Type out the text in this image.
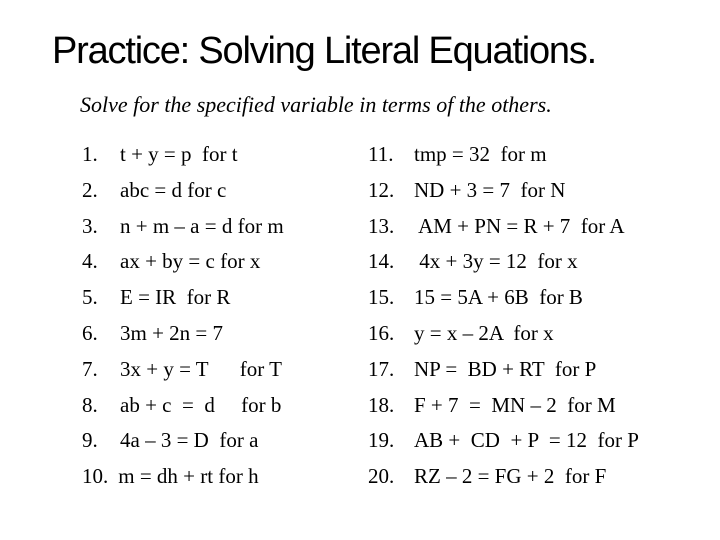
Practice: Solving Literal Equations.
Solve for the specified variable in terms of the others.
1. t + y = p  for t
2. abc = d for c
3. n + m – a = d for m
4. ax + by = c for x
5. E = IR  for R
6. 3m + 2n = 7
7. 3x + y = T      for T
8. ab + c  =  d     for b
9. 4a – 3 = D  for a
10. m = dh + rt for h
11. tmp = 32  for m
12. ND + 3 = 7  for N
13. AM + PN = R + 7  for A
14. 4x + 3y = 12  for x
15. 15 = 5A + 6B  for B
16. y = x – 2A  for x
17. NP =  BD + RT  for P
18. F + 7  =  MN – 2  for M
19. AB +  CD  + P  = 12  for P
20. RZ – 2 = FG + 2  for F
